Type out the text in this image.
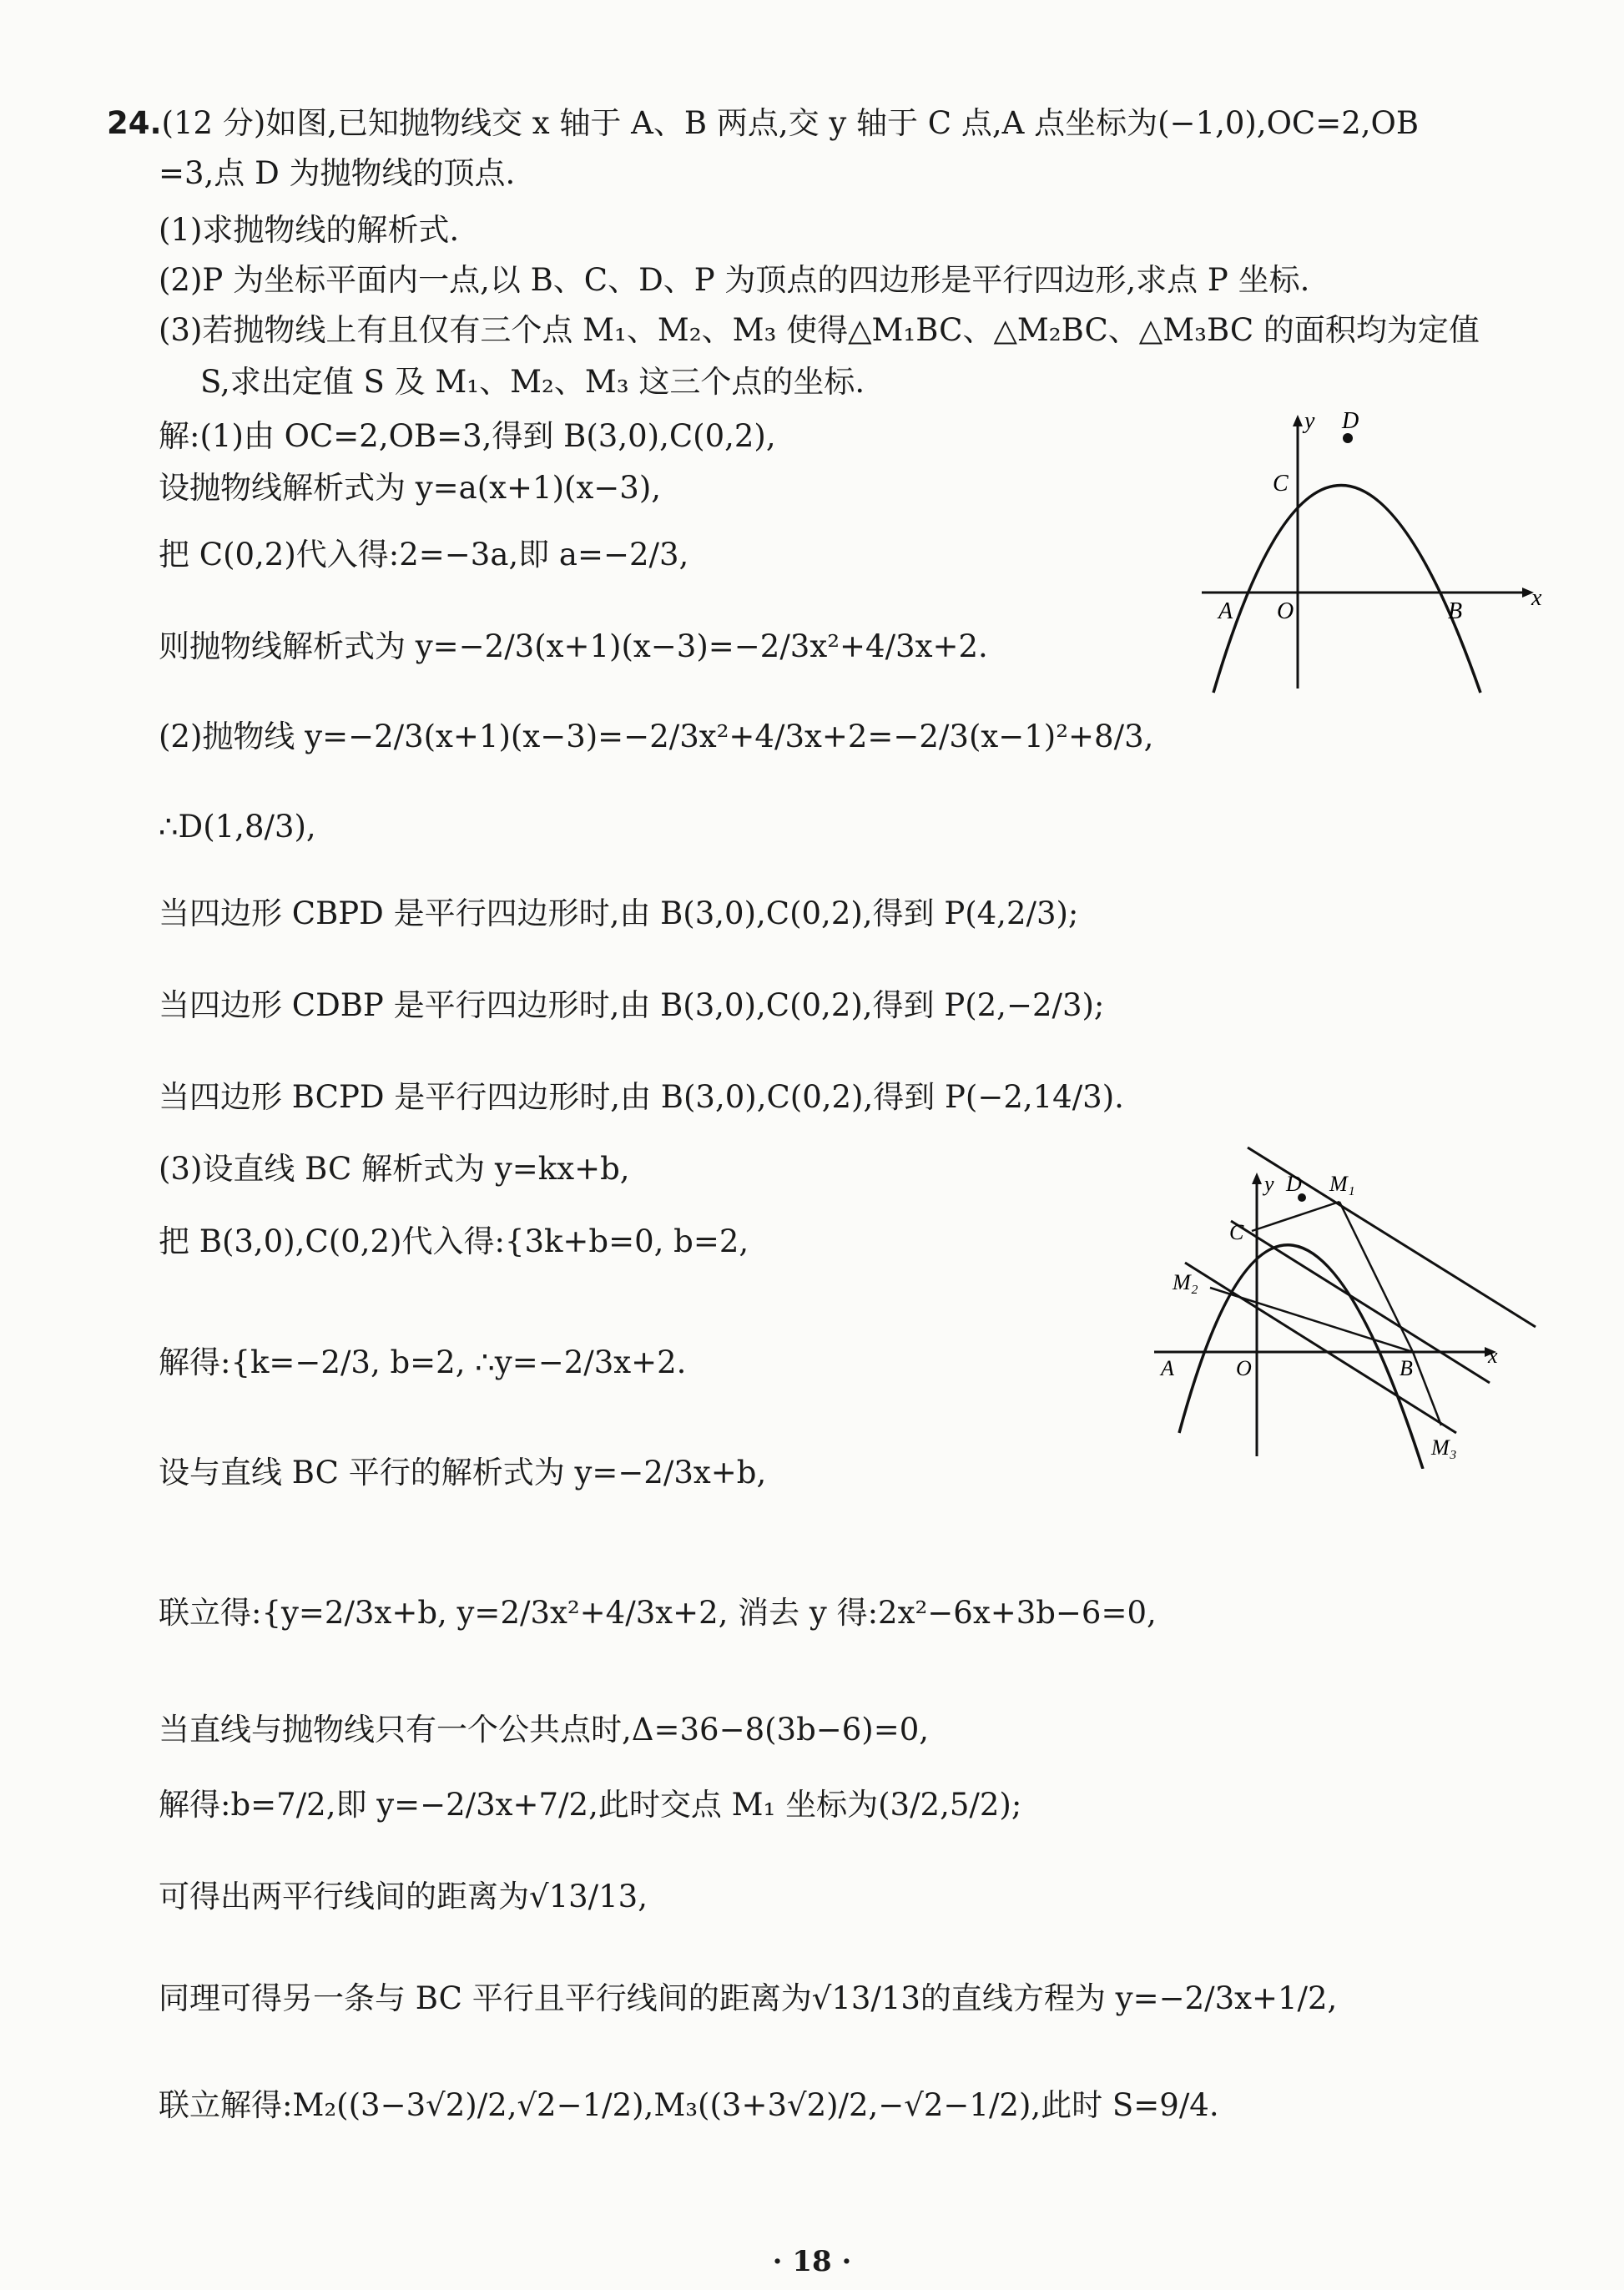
24.(12 分)如图,已知抛物线交 x 轴于 A、B 两点,交 y 轴于 C 点,A 点坐标为(−1,0),OC=2,OB
=3,点 D 为抛物线的顶点.
(1)求抛物线的解析式.
(2)P 为坐标平面内一点,以 B、C、D、P 为顶点的四边形是平行四边形,求点 P 坐标.
(3)若抛物线上有且仅有三个点 M₁、M₂、M₃ 使得△M₁BC、△M₂BC、△M₃BC 的面积均为定值
S,求出定值 S 及 M₁、M₂、M₃ 这三个点的坐标.
解:(1)由 OC=2,OB=3,得到 B(3,0),C(0,2),
设抛物线解析式为 y=a(x+1)(x−3),
把 C(0,2)代入得:2=−3a,即 a=−2/3,
则抛物线解析式为 y=−2/3(x+1)(x−3)=−2/3x²+4/3x+2.
(2)抛物线 y=−2/3(x+1)(x−3)=−2/3x²+4/3x+2=−2/3(x−1)²+8/3,
∴D(1,8/3),
当四边形 CBPD 是平行四边形时,由 B(3,0),C(0,2),得到 P(4,2/3);
当四边形 CDBP 是平行四边形时,由 B(3,0),C(0,2),得到 P(2,−2/3);
当四边形 BCPD 是平行四边形时,由 B(3,0),C(0,2),得到 P(−2,14/3).
(3)设直线 BC 解析式为 y=kx+b,
把 B(3,0),C(0,2)代入得:{3k+b=0, b=2,
解得:{k=−2/3, b=2, ∴y=−2/3x+2.
设与直线 BC 平行的解析式为 y=−2/3x+b,
联立得:{y=2/3x+b, y=2/3x²+4/3x+2, 消去 y 得:2x²−6x+3b−6=0,
当直线与抛物线只有一个公共点时,Δ=36−8(3b−6)=0,
解得:b=7/2,即 y=−2/3x+7/2,此时交点 M₁ 坐标为(3/2,5/2);
可得出两平行线间的距离为√13/13,
同理可得另一条与 BC 平行且平行线间的距离为√13/13的直线方程为 y=−2/3x+1/2,
联立解得:M₂((3−3√2)/2,√2−1/2),M₃((3+3√2)/2,−√2−1/2),此时 S=9/4.
y D
C
A O	B
x
y D M₁
C
M₂
A	O	B
x
M₃
· 18 ·
